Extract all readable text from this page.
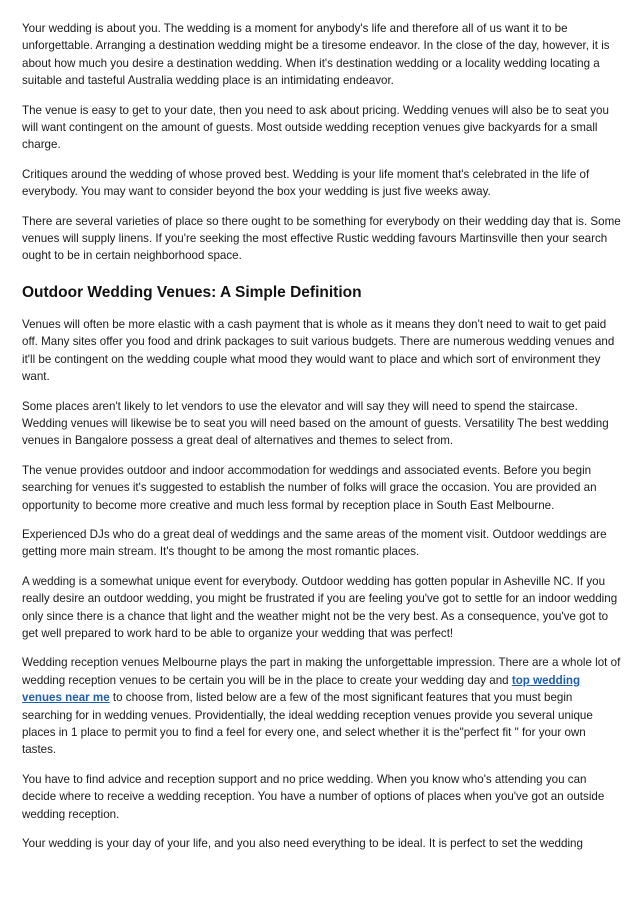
Your wedding is about you. The wedding is a moment for anybody's life and therefore all of us want it to be unforgettable. Arranging a destination wedding might be a tiresome endeavor. In the close of the day, however, it is about how much you desire a destination wedding. When it's destination wedding or a locality wedding locating a suitable and tasteful Australia wedding place is an intimidating endeavor.

The venue is easy to get to your date, then you need to ask about pricing. Wedding venues will also be to seat you will want contingent on the amount of guests. Most outside wedding reception venues give backyards for a small charge.

Critiques around the wedding of whose proved best. Wedding is your life moment that's celebrated in the life of everybody. You may want to consider beyond the box your wedding is just five weeks away.

There are several varieties of place so there ought to be something for everybody on their wedding day that is. Some venues will supply linens. If you're seeking the most effective Rustic wedding favours Martinsville then your search ought to be in certain neighborhood space.

Outdoor Wedding Venues: A Simple Definition

Venues will often be more elastic with a cash payment that is whole as it means they don't need to wait to get paid off. Many sites offer you food and drink packages to suit various budgets. There are numerous wedding venues and it'll be contingent on the wedding couple what mood they would want to place and which sort of environment they want.

Some places aren't likely to let vendors to use the elevator and will say they will need to spend the staircase. Wedding venues will likewise be to seat you will need based on the amount of guests. Versatility The best wedding venues in Bangalore possess a great deal of alternatives and themes to select from.

The venue provides outdoor and indoor accommodation for weddings and associated events. Before you begin searching for venues it's suggested to establish the number of folks will grace the occasion. You are provided an opportunity to become more creative and much less formal by reception place in South East Melbourne.

Experienced DJs who do a great deal of weddings and the same areas of the moment visit. Outdoor weddings are getting more main stream. It's thought to be among the most romantic places.

A wedding is a somewhat unique event for everybody. Outdoor wedding has gotten popular in Asheville NC. If you really desire an outdoor wedding, you might be frustrated if you are feeling you've got to settle for an indoor wedding only since there is a chance that light and the weather might not be the very best. As a consequence, you've got to get well prepared to work hard to be able to organize your wedding that was perfect!

Wedding reception venues Melbourne plays the part in making the unforgettable impression. There are a whole lot of wedding reception venues to be certain you will be in the place to create your wedding day and top wedding venues near me to choose from, listed below are a few of the most significant features that you must begin searching for in wedding venues. Providentially, the ideal wedding reception venues provide you several unique places in 1 place to permit you to find a feel for every one, and select whether it is the"perfect fit " for your own tastes.

You have to find advice and reception support and no price wedding. When you know who's attending you can decide where to receive a wedding reception. You have a number of options of places when you've got an outside wedding reception.

Your wedding is your day of your life, and you also need everything to be ideal. It is perfect to set the wedding
